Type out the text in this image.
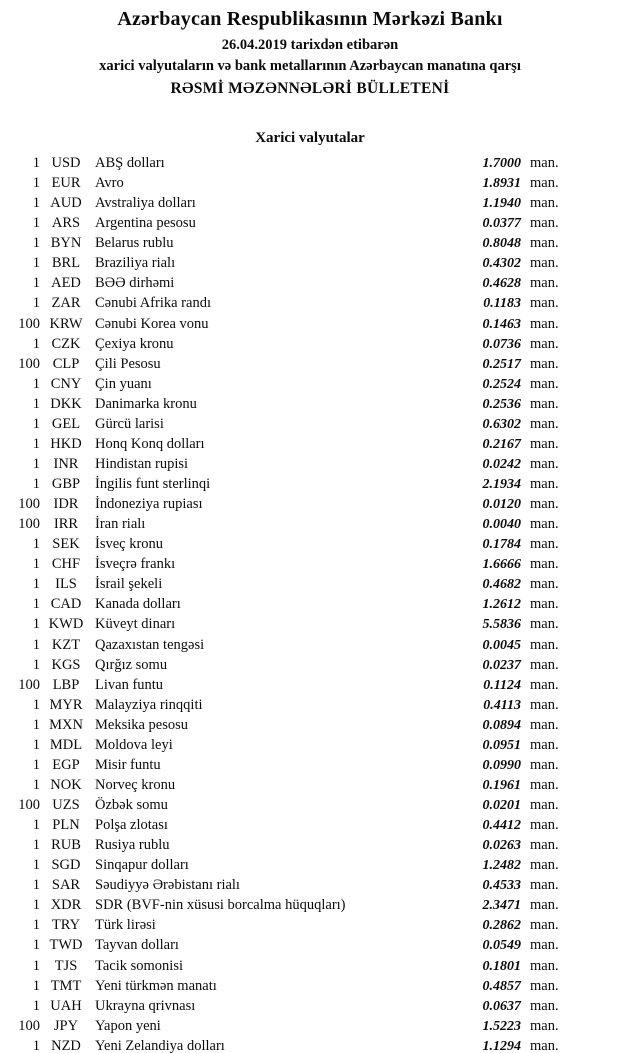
Azərbaycan Respublikasının Mərkəzi Bankı
26.04.2019 tarixdən etibarən
xarici valyutaların və bank metallarının Azərbaycan manatına qarşı
RƏSMİ MƏZƏNNƏLƏRİ BÜLLETENİ
Xarici valyutalar
1 USD	ABŞ dolları	1.7000 man.
1 EUR	Avro	1.8931 man.
1 AUD Avstraliya dolları	1.1940 man.
1 ARS	Argentina pesosu	0.0377 man.
1 BYN Belarus rublu	0.8048 man.
1 BRL	Braziliya rialı	0.4302 man.
1 AED BƏƏ dirhəmi	0.4628 man.
1 ZAR	Cənubi Afrika randı	0.1183 man.
100 KRW Cənubi Korea vonu	0.1463 man.
1 CZK	Çexiya kronu	0.0736 man.
100 CLP	Çili Pesosu	0.2517 man.
1 CNY Çin yuanı	0.2524 man.
1 DKK Danimarka kronu	0.2536 man.
1 GEL	Gürcü larisi	0.6302 man.
1 HKD Honq Konq dolları	0.2167 man.
1 INR	Hindistan rupisi	0.0242 man.
1 GBP	İngilis funt sterlinqi	2.1934 man.
100 IDR	İndoneziya rupiası	0.0120 man.
100 IRR	İran rialı	0.0040 man.
1 SEK	İsveç kronu	0.1784 man.
1 CHF	İsveçrə frankı	1.6666 man.
1	ILS	İsrail şekeli	0.4682 man.
1 CAD Kanada dolları	1.2612 man.
1 KWD Küveyt dinarı	5.5836 man.
1 KZT	Qazaxıstan tengəsi	0.0045 man.
1 KGS	Qırğız somu	0.0237 man.
100 LBP	Livan funtu	0.1124 man.
1 MYR Malayziya rinqqiti	0.4113 man.
1 MXN Meksika pesosu	0.0894 man.
1 MDL Moldova leyi	0.0951 man.
1 EGP	Misir funtu	0.0990 man.
1 NOK Norveç kronu	0.1961 man.
100 UZS	Özbək somu	0.0201 man.
1 PLN	Polşa zlotası	0.4412 man.
1 RUB Rusiya rublu	0.0263 man.
1 SGD	Sinqapur dolları	1.2482 man.
1 SAR	Səudiyyə Ərəbistanı rialı	0.4533 man.
1 XDR SDR (BVF-nin xüsusi borcalma hüquqları)	2.3471 man.
1 TRY	Türk lirəsi	0.2862 man.
1 TWD Tayvan dolları	0.0549 man.
1	TJS	Tacik somonisi	0.1801 man.
1 TMT Yeni türkmən manatı	0.4857 man.
1 UAH Ukrayna qrivnası	0.0637 man.
100 JPY	Yapon yeni	1.5223 man.
1 NZD Yeni Zelandiya dolları	1.1294 man.
